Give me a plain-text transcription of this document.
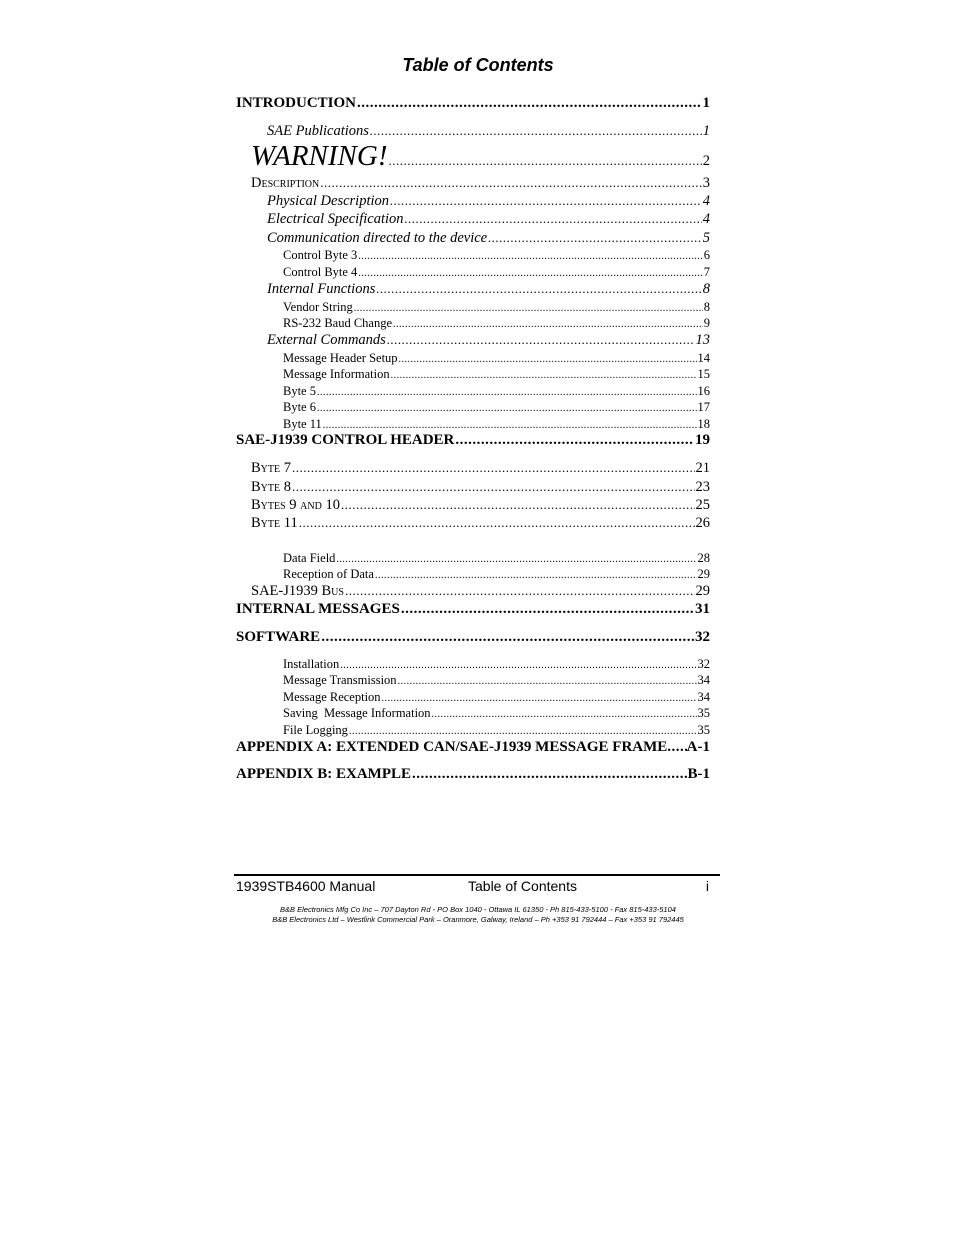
Table of Contents
INTRODUCTION .....	1
SAE Publications .....	1
WARNING! .....	2
Description .....	3
Physical Description .....	4
Electrical Specification .....	4
Communication directed to the device .....	5
Control Byte 3 .....	6
Control Byte 4 .....	7
Internal Functions .....	8
Vendor String .....	8
RS-232 Baud Change .....	9
External Commands .....	13
Message Header Setup .....	14
Message Information .....	15
Byte 5 .....	16
Byte 6 .....	17
Byte 11 .....	18
SAE-J1939 CONTROL HEADER .....	19
Byte 7 .....	21
Byte 8 .....	23
Bytes 9 and 10 .....	25
Byte 11 .....	26
Data Field .....	28
Reception of Data .....	29
SAE-J1939 Bus .....	29
INTERNAL MESSAGES .....	31
SOFTWARE .....	32
Installation .....	32
Message Transmission .....	34
Message Reception .....	34
Saving  Message Information .....	35
File Logging .....	35
APPENDIX A: EXTENDED CAN/SAE-J1939 MESSAGE FRAME ..... A-1
APPENDIX B: EXAMPLE .....	B-1
1939STB4600 Manual	Table of Contents	i
B&B Electronics Mfg Co Inc – 707 Dayton Rd - PO Box 1040 - Ottawa IL 61350 - Ph 815-433-5100 - Fax 815-433-5104
B&B Electronics Ltd – Westlink Commercial Park – Oranmore, Galway, Ireland – Ph +353 91 792444 – Fax +353 91 792445
